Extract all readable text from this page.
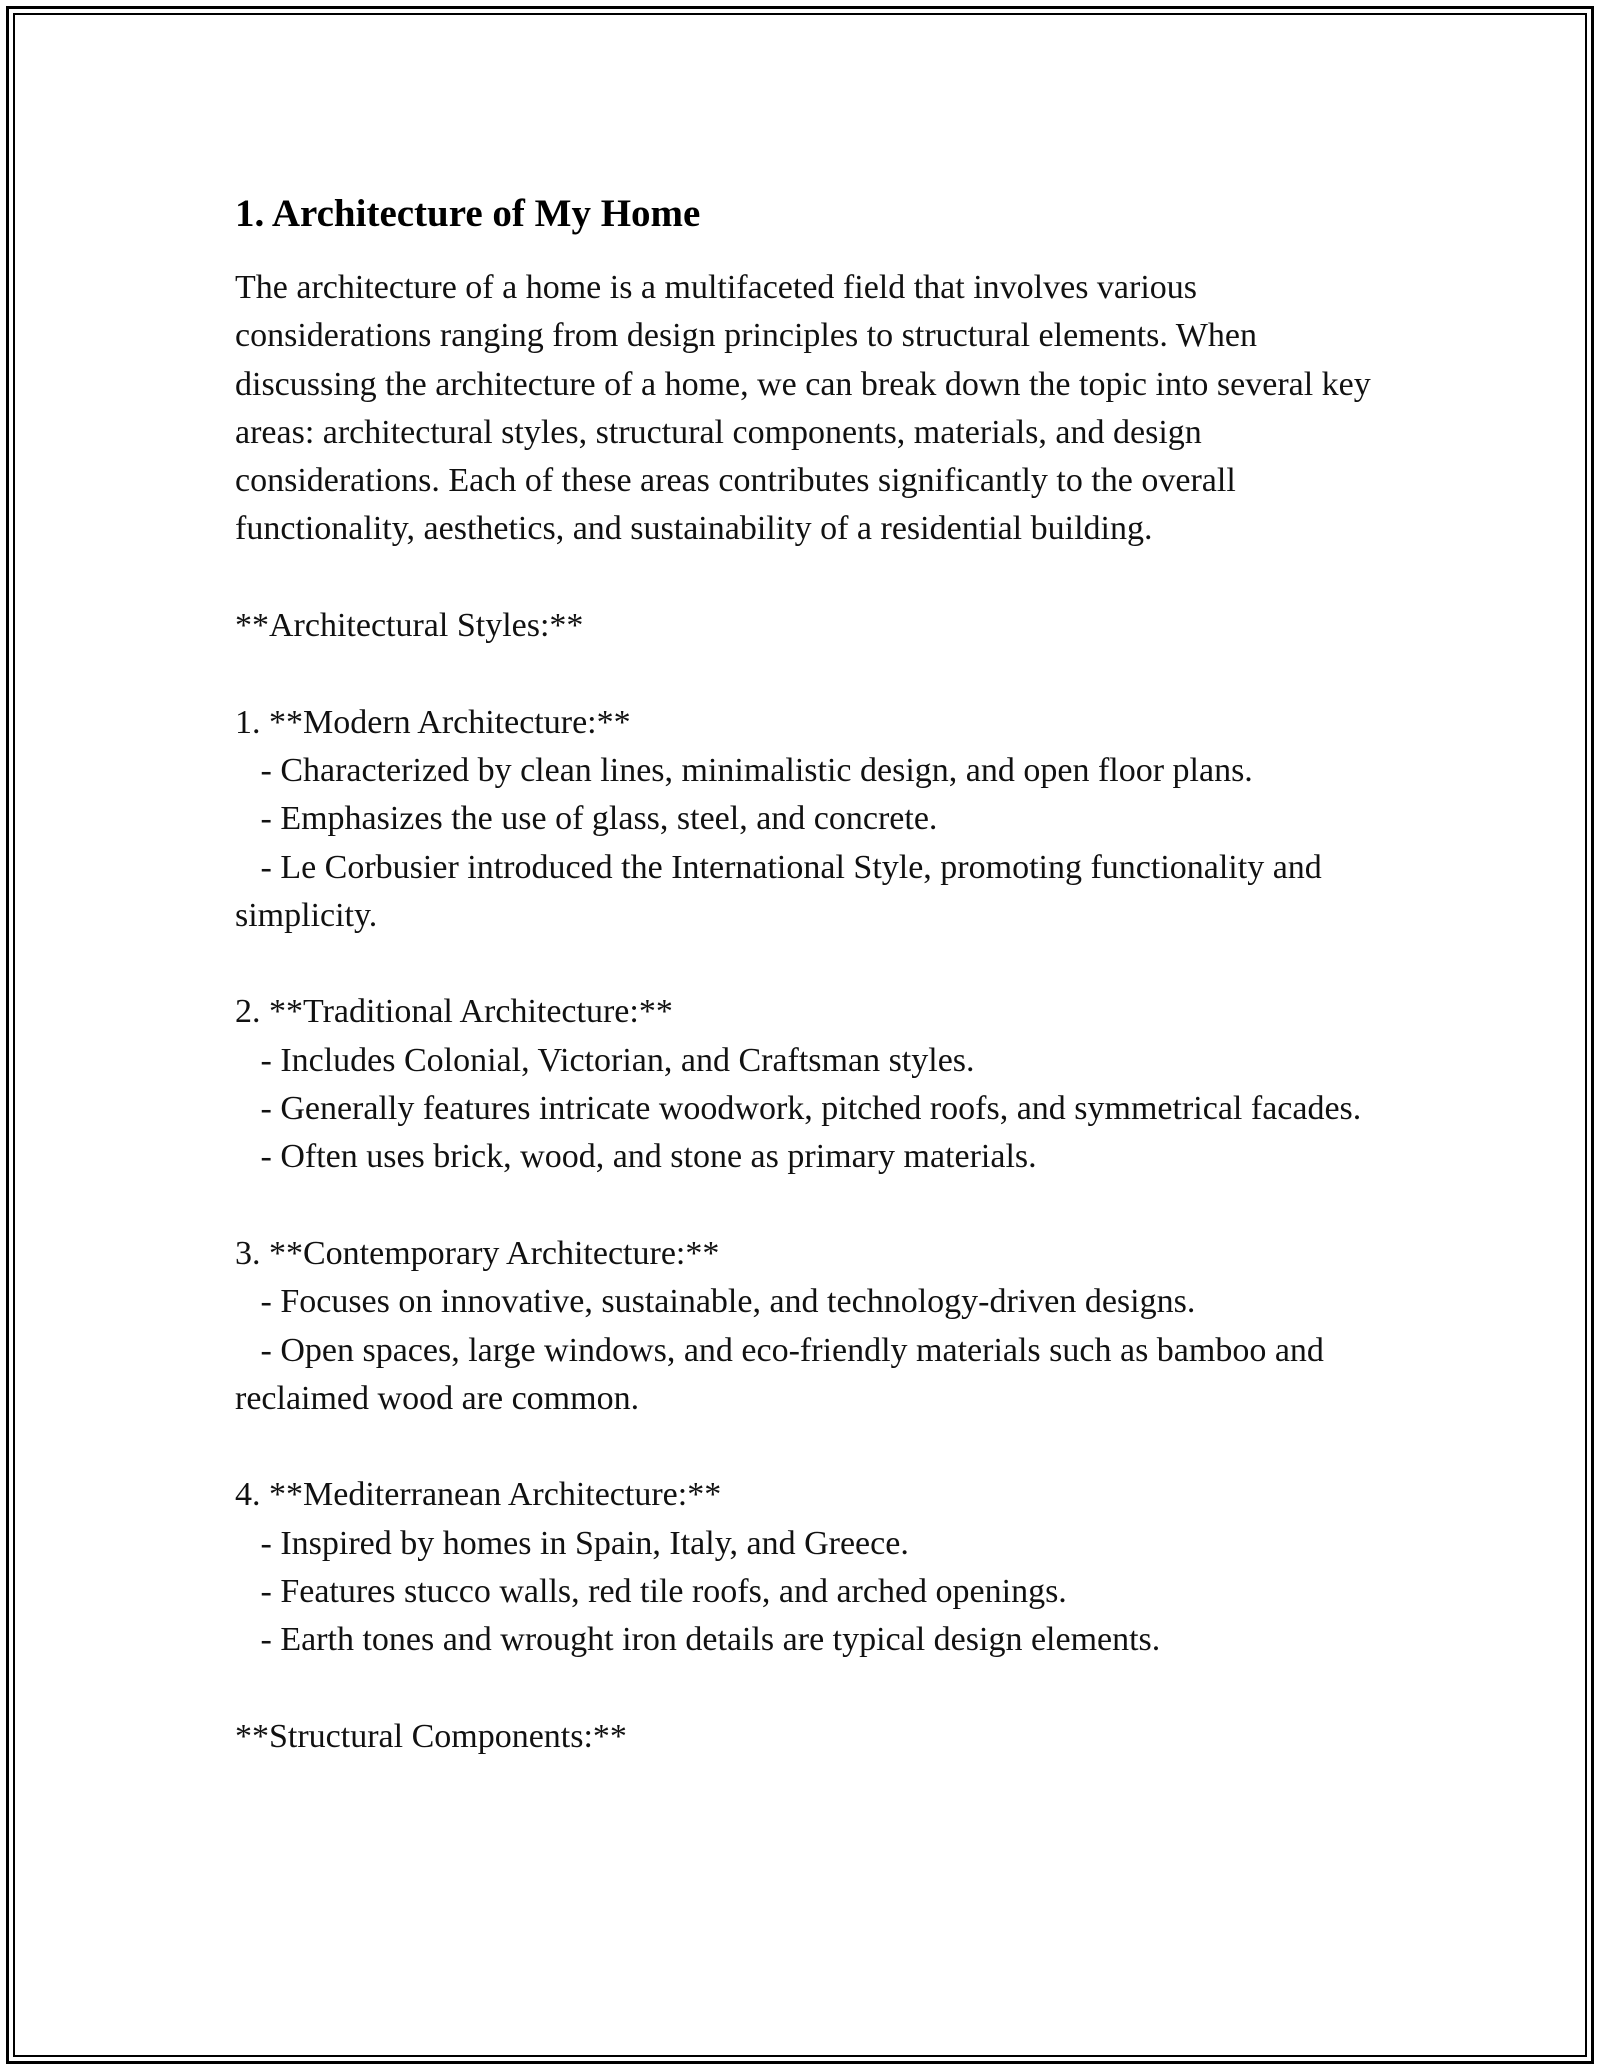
1. Architecture of My Home

The architecture of a home is a multifaceted field that involves various considerations ranging from design principles to structural elements. When discussing the architecture of a home, we can break down the topic into several key areas: architectural styles, structural components, materials, and design considerations. Each of these areas contributes significantly to the overall functionality, aesthetics, and sustainability of a residential building.

**Architectural Styles:**

1. **Modern Architecture:**
- Characterized by clean lines, minimalistic design, and open floor plans.
- Emphasizes the use of glass, steel, and concrete.
- Le Corbusier introduced the International Style, promoting functionality and simplicity.

2. **Traditional Architecture:**
- Includes Colonial, Victorian, and Craftsman styles.
- Generally features intricate woodwork, pitched roofs, and symmetrical facades.
- Often uses brick, wood, and stone as primary materials.

3. **Contemporary Architecture:**
- Focuses on innovative, sustainable, and technology-driven designs.
- Open spaces, large windows, and eco-friendly materials such as bamboo and reclaimed wood are common.

4. **Mediterranean Architecture:**
- Inspired by homes in Spain, Italy, and Greece.
- Features stucco walls, red tile roofs, and arched openings.
- Earth tones and wrought iron details are typical design elements.

**Structural Components:**
